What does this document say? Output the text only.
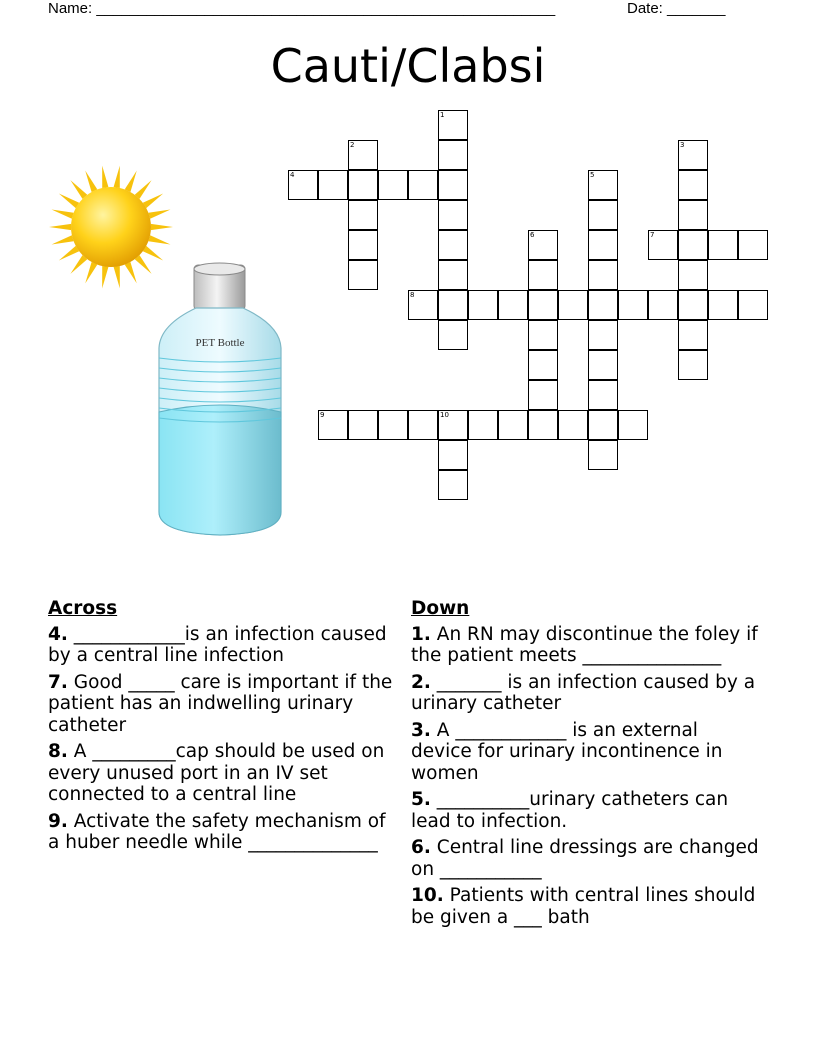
Name: _______________________________________________________	Date: _______
Cauti/Clabsi
PET Bottle
1
2	3
4	5
6	7
8
9	10
Across
4. ____________is an infection caused by a central line infection
7. Good _____ care is important if the patient has an indwelling urinary catheter
8. A _________cap should be used on every unused port in an IV set connected to a central line
9. Activate the safety mechanism of a huber needle while ______________
Down
1. An RN may discontinue the foley if the patient meets _______________
2. _______ is an infection caused by a urinary catheter
3. A ____________ is an external device for urinary incontinence in women
5. __________urinary catheters can lead to infection.
6. Central line dressings are changed on ___________
10. Patients with central lines should be given a ___ bath
